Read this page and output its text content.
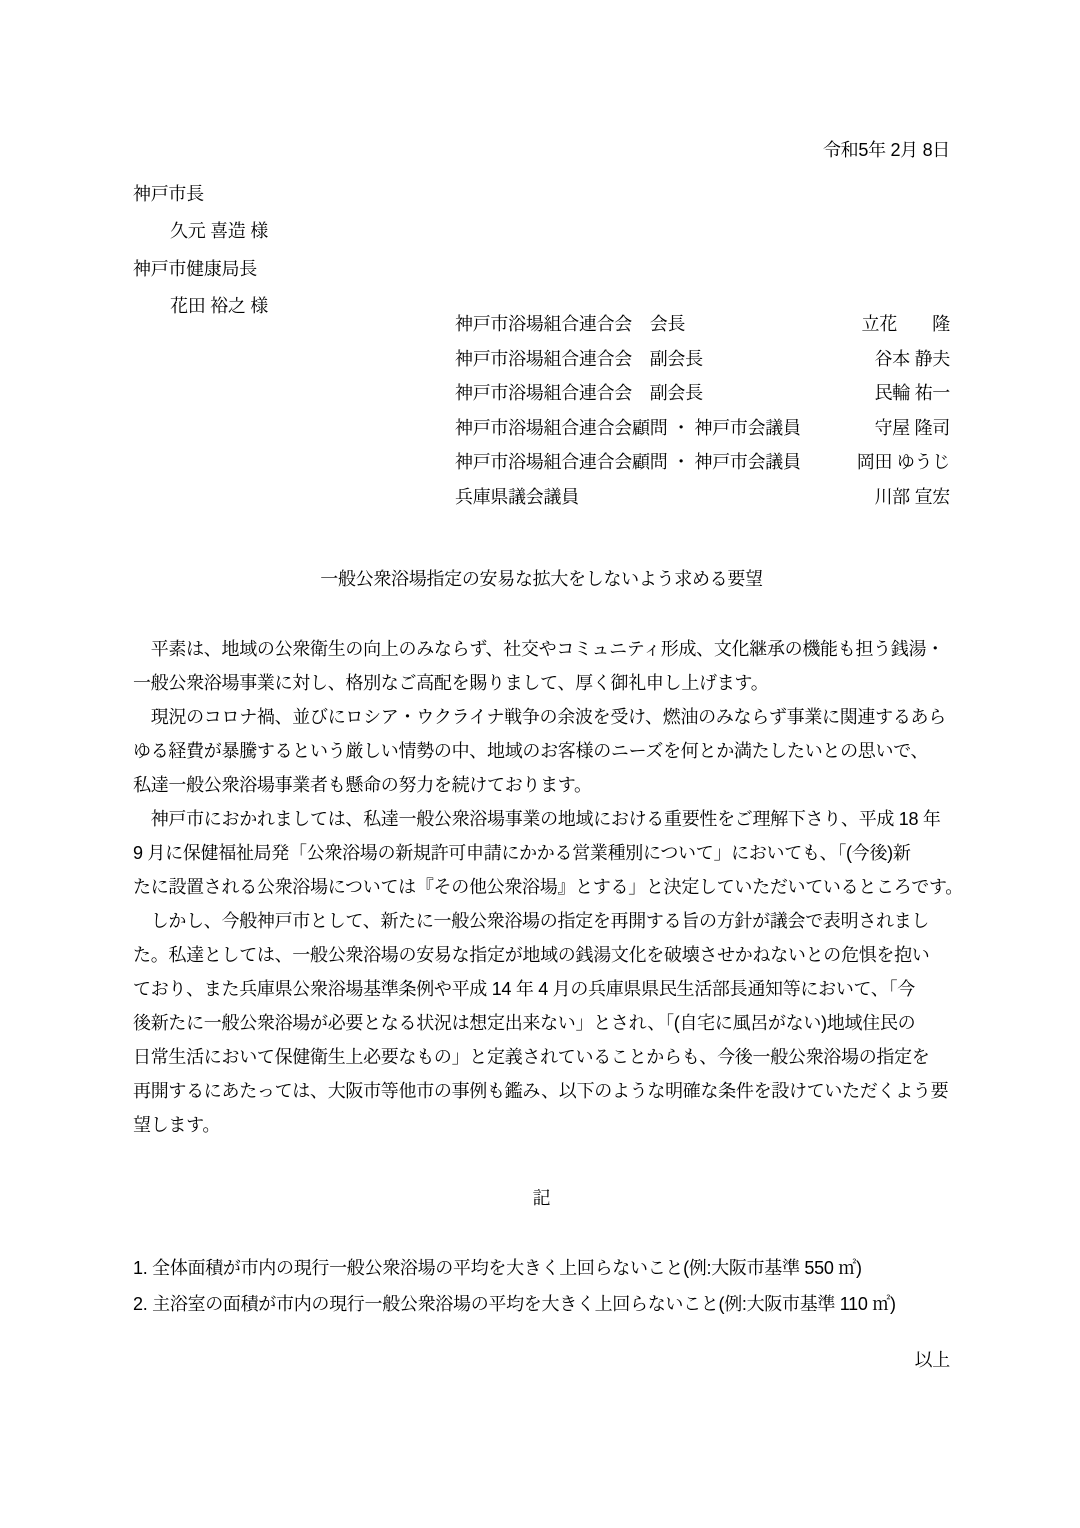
令和5年 2月 8日
神戸市長
久元 喜造 様
神戸市健康局長
花田 裕之 様
神戸市浴場組合連合会　会長	立花　　隆
神戸市浴場組合連合会　副会長	谷本 静夫
神戸市浴場組合連合会　副会長	民輪 祐一
神戸市浴場組合連合会顧問 ・ 神戸市会議員	守屋 隆司
神戸市浴場組合連合会顧問 ・ 神戸市会議員	岡田 ゆうじ
兵庫県議会議員	川部 宣宏
一般公衆浴場指定の安易な拡大をしないよう求める要望
　平素は、地域の公衆衛生の向上のみならず、社交やコミュニティ形成、文化継承の機能も担う銭湯・
一般公衆浴場事業に対し、格別なご高配を賜りまして、厚く御礼申し上げます。
　現況のコロナ禍、並びにロシア・ウクライナ戦争の余波を受け、燃油のみならず事業に関連するあら
ゆる経費が暴騰するという厳しい情勢の中、地域のお客様のニーズを何とか満たしたいとの思いで、
私達一般公衆浴場事業者も懸命の努力を続けております。
　神戸市におかれましては、私達一般公衆浴場事業の地域における重要性をご理解下さり、平成 18 年
9 月に保健福祉局発「公衆浴場の新規許可申請にかかる営業種別について」においても、「(今後)新
たに設置される公衆浴場については『その他公衆浴場』とする」と決定していただいているところです。
　しかし、今般神戸市として、新たに一般公衆浴場の指定を再開する旨の方針が議会で表明されまし
た。私達としては、一般公衆浴場の安易な指定が地域の銭湯文化を破壊させかねないとの危惧を抱い
ており、また兵庫県公衆浴場基準条例や平成 14 年 4 月の兵庫県県民生活部長通知等において、「今
後新たに一般公衆浴場が必要となる状況は想定出来ない」とされ、「(自宅に風呂がない)地域住民の
日常生活において保健衛生上必要なもの」と定義されていることからも、今後一般公衆浴場の指定を
再開するにあたっては、大阪市等他市の事例も鑑み、以下のような明確な条件を設けていただくよう要
望します。
記
1. 全体面積が市内の現行一般公衆浴場の平均を大きく上回らないこと(例:大阪市基準 550 ㎡)
2. 主浴室の面積が市内の現行一般公衆浴場の平均を大きく上回らないこと(例:大阪市基準 110 ㎡)
以上
